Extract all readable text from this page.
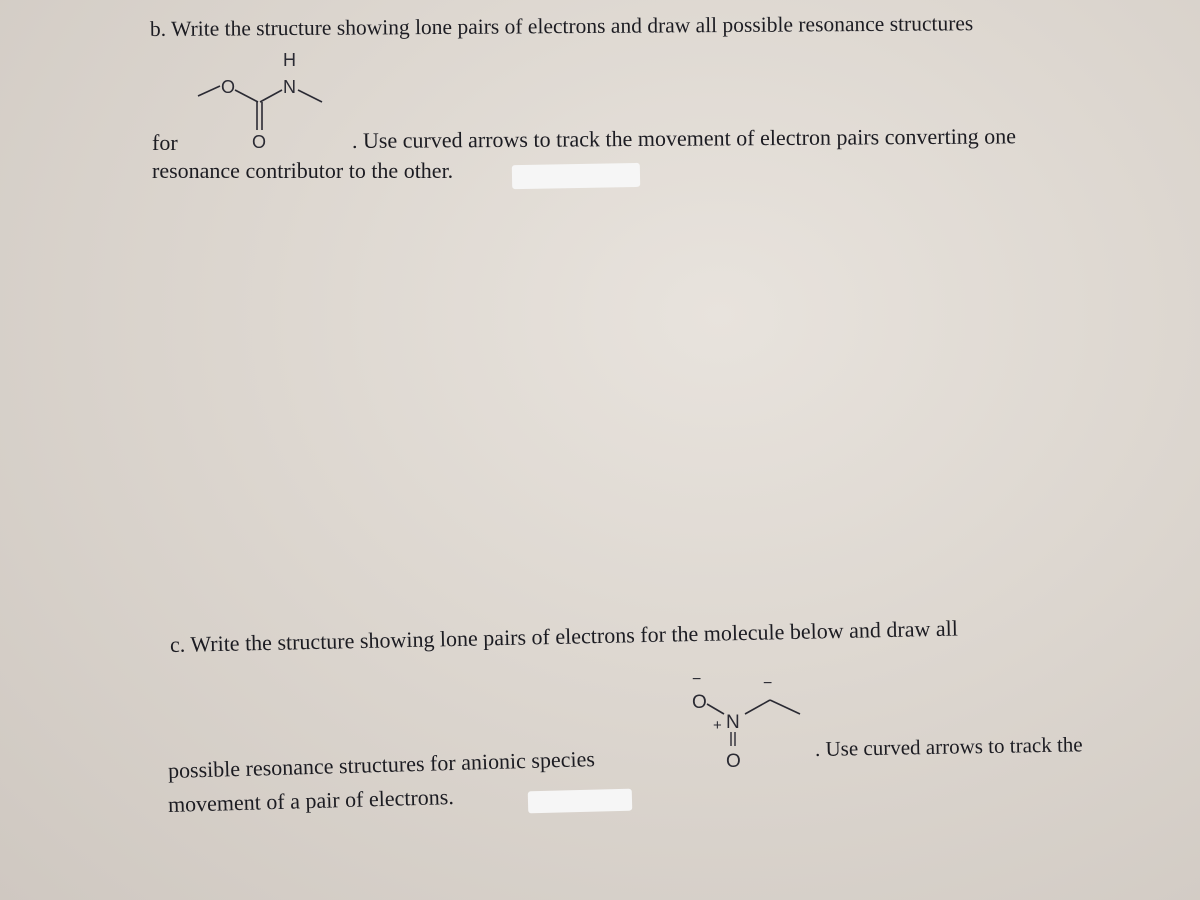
b. Write the structure showing lone pairs of electrons and draw all possible resonance structures
O
O
N
H
for	. Use curved arrows to track the movement of electron pairs converting one
resonance contributor to the other.
c. Write the structure showing lone pairs of electrons for the molecule below and draw all
−
O
+ N
O
−
. Use curved arrows to track the
possible resonance structures for anionic species
movement of a pair of electrons.
